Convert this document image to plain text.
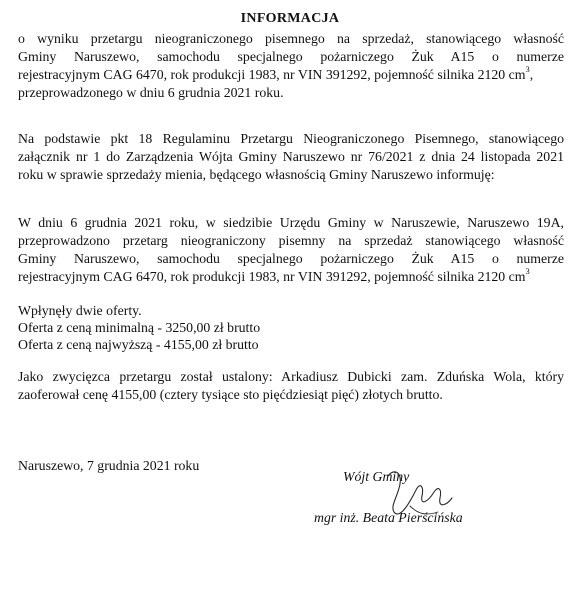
INFORMACJA
o wyniku przetargu nieograniczonego pisemnego na sprzedaż, stanowiącego własność
Gminy Naruszewo, samochodu specjalnego pożarniczego Żuk A15 o numerze
rejestracyjnym CAG 6470, rok produkcji 1983, nr VIN 391292, pojemność silnika 2120 $cm^3$,
przeprowadzonego w dniu 6 grudnia 2021 roku.
Na podstawie pkt 18 Regulaminu Przetargu Nieograniczonego Pisemnego, stanowiącego
załącznik nr 1 do Zarządzenia Wójta Gminy Naruszewo nr 76/2021 z dnia 24 listopada 2021
roku w sprawie sprzedaży mienia, będącego własnością Gminy Naruszewo informuję:
W dniu 6 grudnia 2021 roku, w siedzibie Urzędu Gminy w Naruszewie, Naruszewo 19A,
przeprowadzono przetarg nieograniczony pisemny na sprzedaż stanowiącego własność
Gminy Naruszewo, samochodu specjalnego pożarniczego Żuk A15 o numerze
rejestracyjnym CAG 6470, rok produkcji 1983, nr VIN 391292, pojemność silnika 2120 $cm^3$
Wpłynęły dwie oferty.
Oferta z ceną minimalną - 3250,00 zł brutto
Oferta z ceną najwyższą - 4155,00 zł brutto
Jako zwycięzca przetargu został ustalony: Arkadiusz Dubicki zam. Zduńska Wola, który
zaoferował cenę 4155,00 (cztery tysiące sto pięćdziesiąt pięć) złotych brutto.
Naruszewo, 7 grudnia 2021 roku
Wójt Gminy
mgr inż. Beata Pierścińska
